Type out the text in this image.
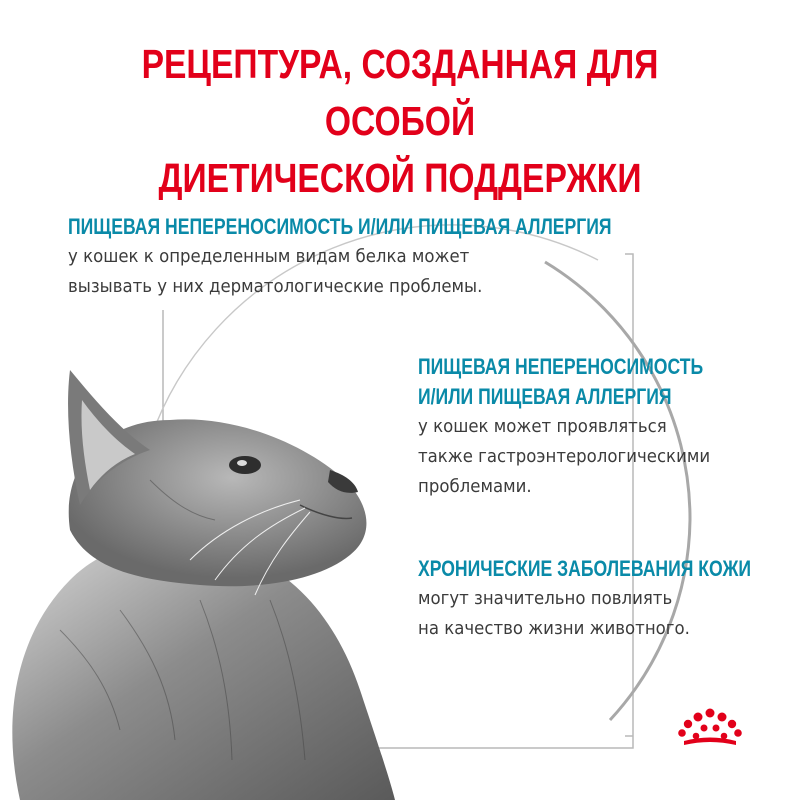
РЕЦЕПТУРА, СОЗДАННАЯ ДЛЯ ОСОБОЙ
ДИЕТИЧЕСКОЙ ПОДДЕРЖКИ
ПИЩЕВАЯ НЕПЕРЕНОСИМОСТЬ И/ИЛИ ПИЩЕВАЯ АЛЛЕРГИЯ
у кошек к определенным видам белка может
вызывать у них дерматологические проблемы.
ПИЩЕВАЯ НЕПЕРЕНОСИМОСТЬ
И/ИЛИ ПИЩЕВАЯ АЛЛЕРГИЯ
у кошек может проявляться
также гастроэнтерологическими
проблемами.
ХРОНИЧЕСКИЕ ЗАБОЛЕВАНИЯ КОЖИ
могут значительно повлиять
на качество жизни животного.
